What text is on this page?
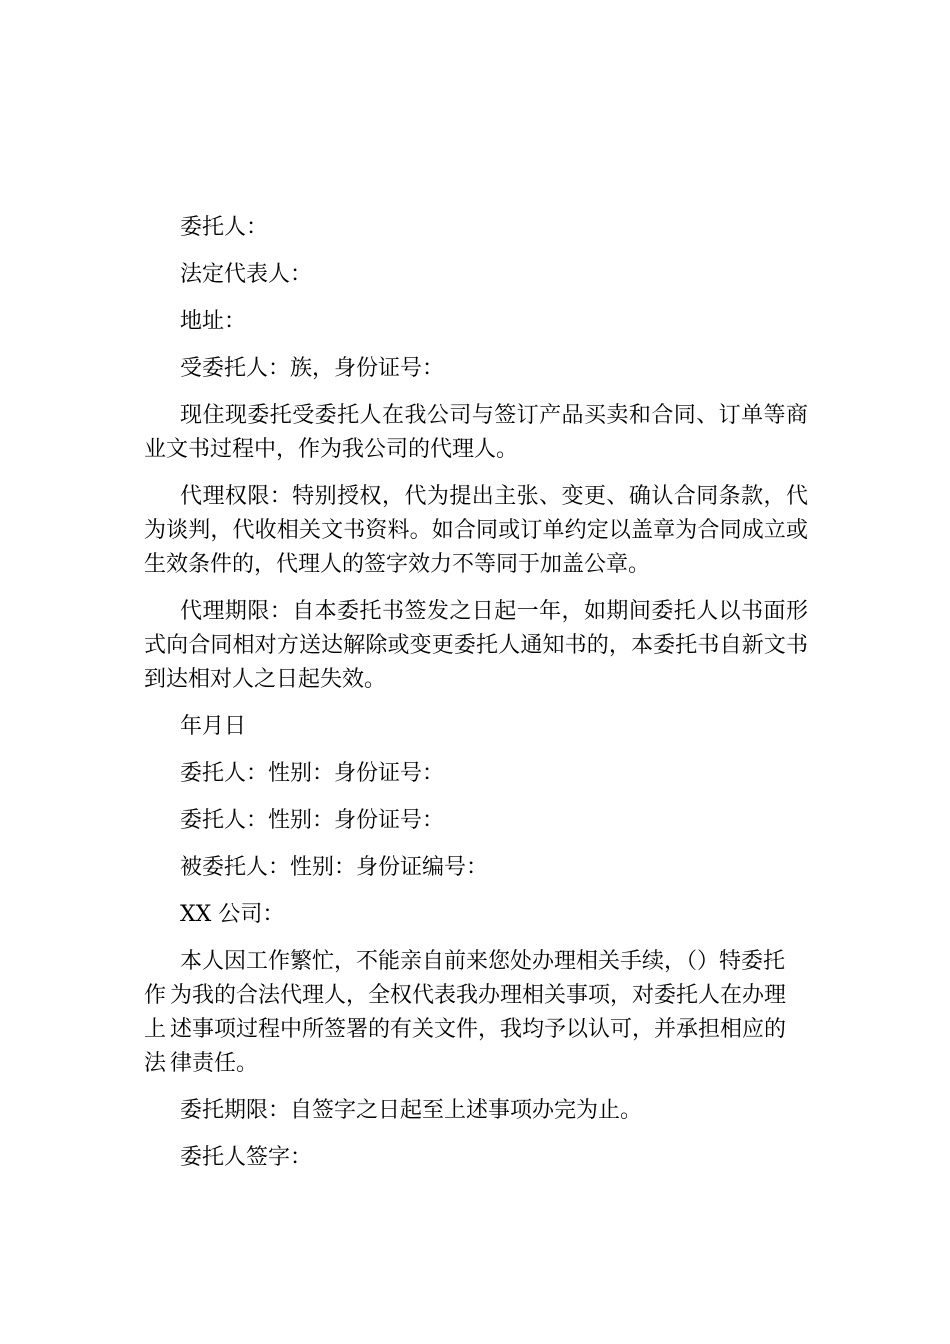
委托人：

法定代表人：

地址：

受委托人：族，身份证号：

现住现委托受委托人在我公司与签订产品买卖和合同、订单等商业文书过程中，作为我公司的代理人。

代理权限：特别授权，代为提出主张、变更、确认合同条款，代为谈判，代收相关文书资料。如合同或订单约定以盖章为合同成立或生效条件的，代理人的签字效力不等同于加盖公章。

代理期限：自本委托书签发之日起一年，如期间委托人以书面形式向合同相对方送达解除或变更委托人通知书的，本委托书自新文书到达相对人之日起失效。

年月日

委托人：性别：身份证号：

委托人：性别：身份证号：

被委托人：性别：身份证编号：

XX 公司：

本人因工作繁忙，不能亲自前来您处办理相关手续，（）特委托
作 为我的合法代理人，全权代表我办理相关事项，对委托人在办理
上 述事项过程中所签署的有关文件，我均予以认可，并承担相应的
法 律责任。

委托期限：自签字之日起至上述事项办完为止。

委托人签字：
